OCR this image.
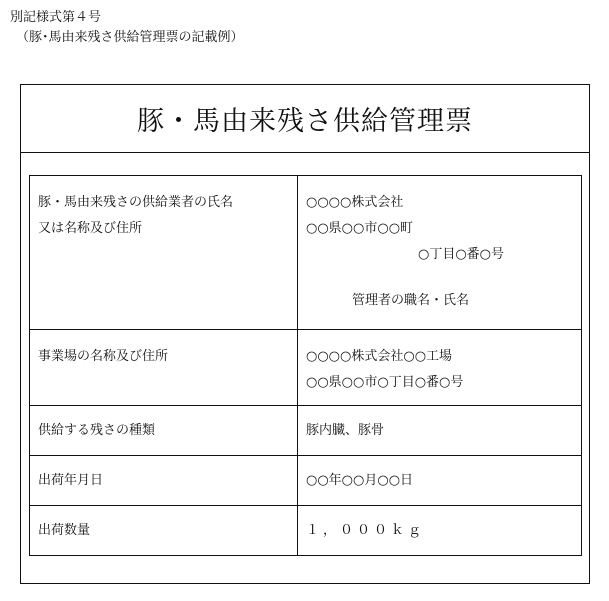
別記様式第４号
（豚･馬由来残さ供給管理票の記載例）
豚・馬由来残さ供給管理票
豚・馬由来残さの供給業者の氏名
又は名称及び住所	○○○○株式会社
○○県○○市○○町
○丁目○番○号
管理者の職名・氏名

事業場の名称及び住所	○○○○株式会社○○工場
○○県○○市○丁目○番○号

供給する残さの種類	豚内臓、豚骨

出荷年月日	○○年○○月○○日

出荷数量	１，０００ｋｇ
